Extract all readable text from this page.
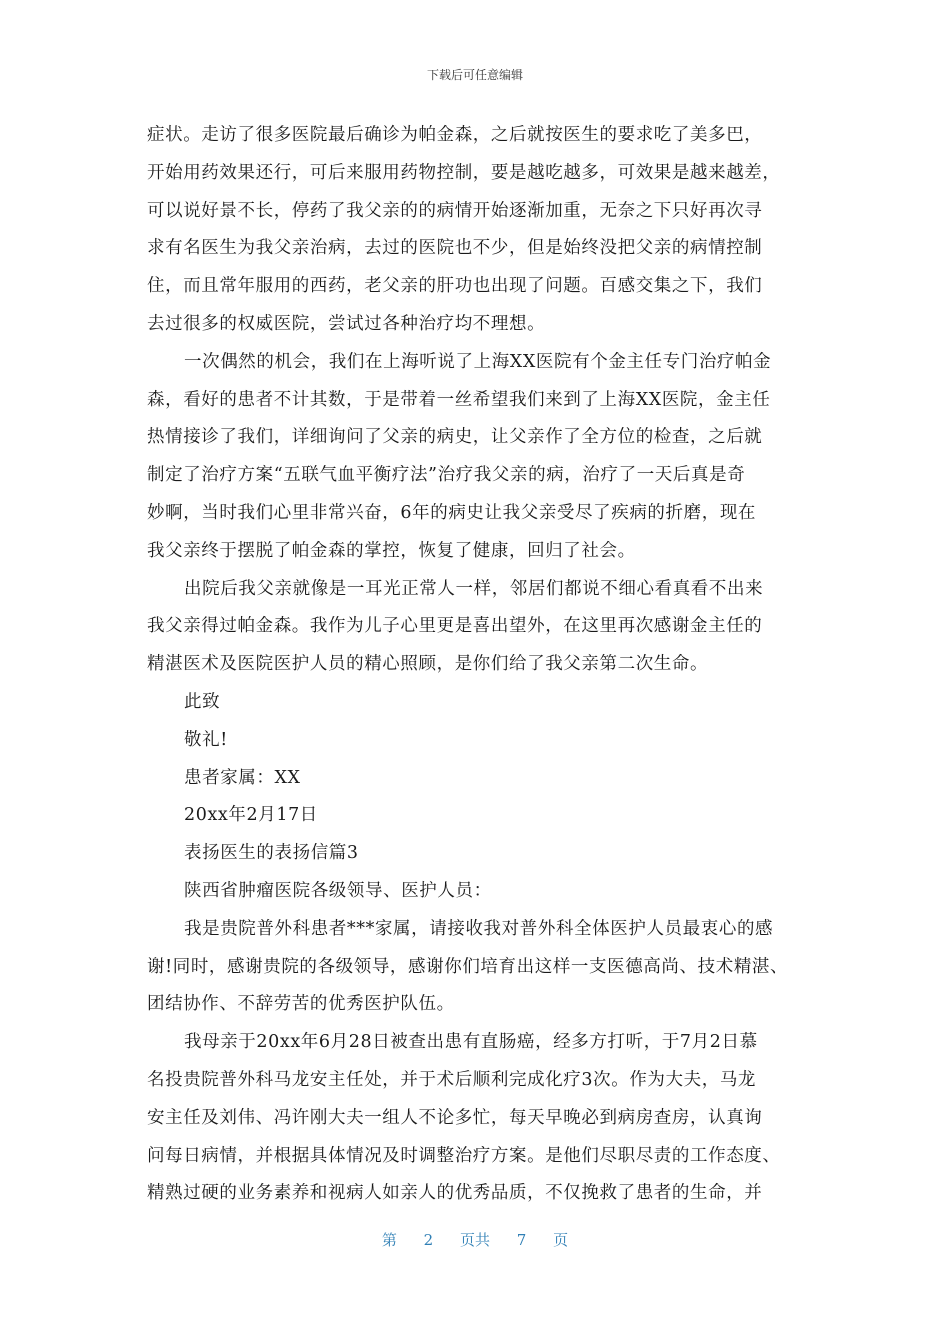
下载后可任意编辑
症状。走访了很多医院最后确诊为帕金森，之后就按医生的要求吃了美多巴，
开始用药效果还行，可后来服用药物控制，要是越吃越多，可效果是越来越差，
可以说好景不长，停药了我父亲的的病情开始逐渐加重，无奈之下只好再次寻
求有名医生为我父亲治病，去过的医院也不少，但是始终没把父亲的病情控制
住，而且常年服用的西药，老父亲的肝功也出现了问题。百感交集之下，我们
去过很多的权威医院，尝试过各种治疗均不理想。
一次偶然的机会，我们在上海听说了上海XX医院有个金主任专门治疗帕金
森，看好的患者不计其数，于是带着一丝希望我们来到了上海XX医院，金主任
热情接诊了我们，详细询问了父亲的病史，让父亲作了全方位的检查，之后就
制定了治疗方案“五联气血平衡疗法”治疗我父亲的病，治疗了一天后真是奇
妙啊，当时我们心里非常兴奋，6年的病史让我父亲受尽了疾病的折磨，现在
我父亲终于摆脱了帕金森的掌控，恢复了健康，回归了社会。
出院后我父亲就像是一耳光正常人一样，邻居们都说不细心看真看不出来
我父亲得过帕金森。我作为儿子心里更是喜出望外，在这里再次感谢金主任的
精湛医术及医院医护人员的精心照顾，是你们给了我父亲第二次生命。
此致
敬礼!
患者家属：XX
20xx年2月17日
表扬医生的表扬信篇3
陕西省肿瘤医院各级领导、医护人员：
我是贵院普外科患者***家属，请接收我对普外科全体医护人员最衷心的感
谢!同时，感谢贵院的各级领导，感谢你们培育出这样一支医德高尚、技术精湛、
团结协作、不辞劳苦的优秀医护队伍。
我母亲于20xx年6月28日被查出患有直肠癌，经多方打听，于7月2日慕
名投贵院普外科马龙安主任处，并于术后顺利完成化疗3次。作为大夫，马龙
安主任及刘伟、冯许刚大夫一组人不论多忙，每天早晚必到病房查房，认真询
问每日病情，并根据具体情况及时调整治疗方案。是他们尽职尽责的工作态度、
精熟过硬的业务素养和视病人如亲人的优秀品质，不仅挽救了患者的生命，并
第 2 页共 7 页
